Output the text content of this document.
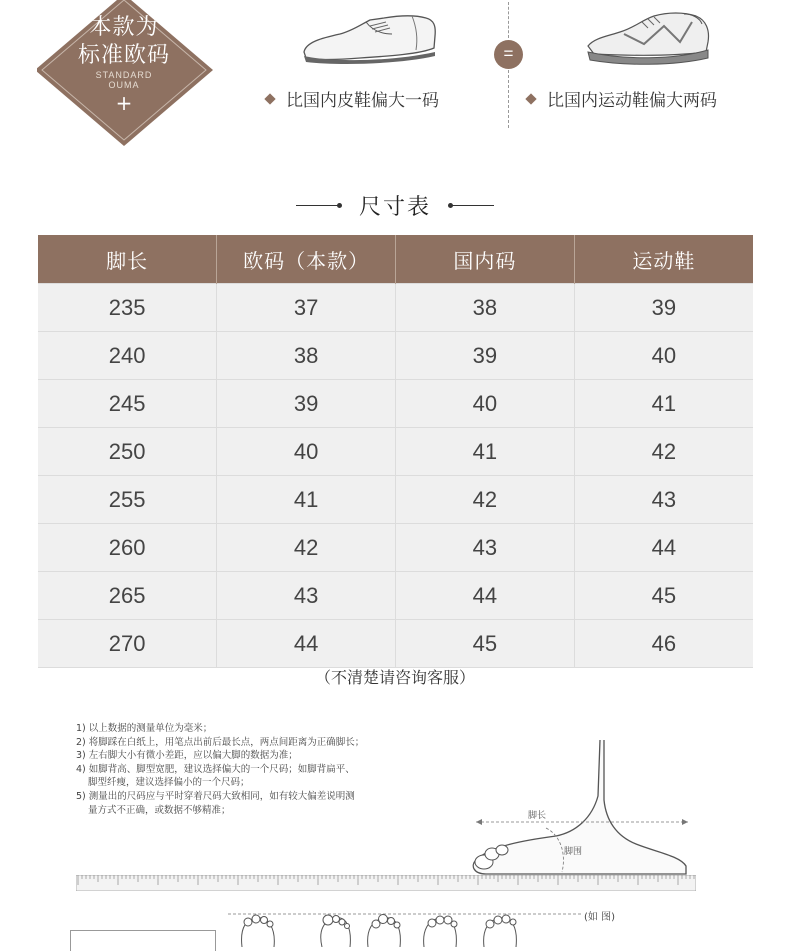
本款为
标准欧码
STANDARD
OUMA
+
=
比国内皮鞋偏大一码	比国内运动鞋偏大两码
尺寸表
脚长	欧码（本款）	国内码	运动鞋
235	37	38	39
240	38	39	40
245	39	40	41
250	40	41	42
255	41	42	43
260	42	43	44
265	43	44	45
270	44	45	46
（不清楚请咨询客服）
1) 以上数据的测量单位为毫米；
2) 将脚踩在白纸上，用笔点出前后最长点，两点间距离为正确脚长；
3) 左右脚大小有微小差距，应以偏大脚的数据为准；
4) 如脚背高、脚型宽肥，建议选择偏大的一个尺码；如脚背扁平、
脚型纤瘦，建议选择偏小的一个尺码；
5) 测量出的尺码应与平时穿着尺码大致相同，如有较大偏差说明测
量方式不正确，或数据不够精准；
脚长
脚围
(如 图)
